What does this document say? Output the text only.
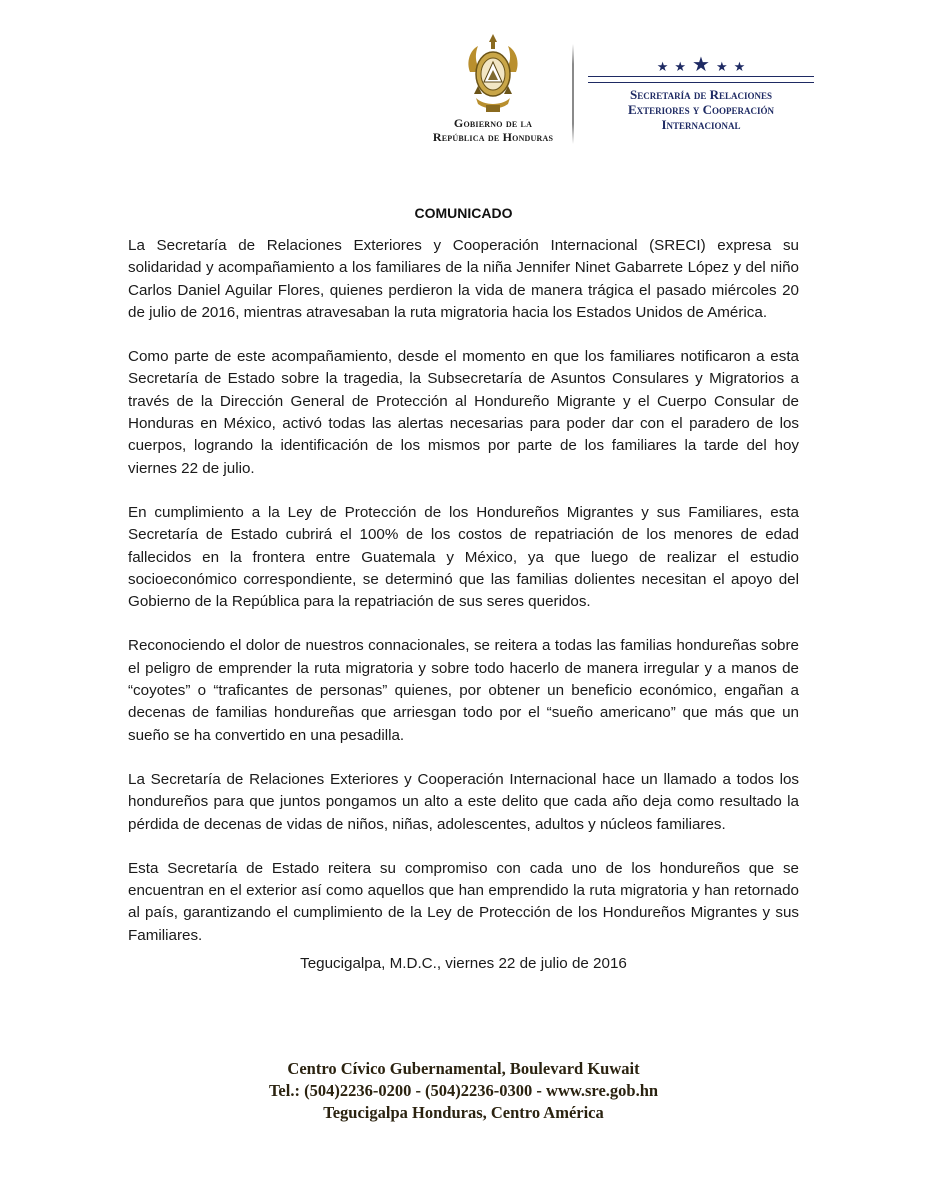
Gobierno de la
República de Honduras
★ ★ ★ ★ ★
Secretaría de Relaciones
Exteriores y Cooperación
Internacional
COMUNICADO

La Secretaría de Relaciones Exteriores y Cooperación Internacional (SRECI) expresa su solidaridad y acompañamiento a los familiares de la niña Jennifer Ninet Gabarrete López y del niño Carlos Daniel Aguilar Flores, quienes perdieron la vida de manera trágica el pasado miércoles 20 de julio de 2016, mientras atravesaban la ruta migratoria hacia los Estados Unidos de América.

Como parte de este acompañamiento, desde el momento en que los familiares notificaron a esta Secretaría de Estado sobre la tragedia, la Subsecretaría de Asuntos Consulares y Migratorios a través de la Dirección General de Protección al Hondureño Migrante y el Cuerpo Consular de Honduras en México, activó todas las alertas necesarias para poder dar con el paradero de los cuerpos, logrando la identificación de los mismos por parte de los familiares la tarde del hoy viernes 22 de julio.

En cumplimiento a la Ley de Protección de los Hondureños Migrantes y sus Familiares, esta Secretaría de Estado cubrirá el 100% de los costos de repatriación de los menores de edad fallecidos en la frontera entre Guatemala y México, ya que luego de realizar el estudio socioeconómico correspondiente, se determinó que las familias dolientes necesitan el apoyo del Gobierno de la República para la repatriación de sus seres queridos.

Reconociendo el dolor de nuestros connacionales, se reitera a todas las familias hondureñas sobre el peligro de emprender la ruta migratoria y sobre todo hacerlo de manera irregular y a manos de “coyotes” o “traficantes de personas” quienes, por obtener un beneficio económico, engañan a decenas de familias hondureñas que arriesgan todo por el “sueño americano” que más que un sueño se ha convertido en una pesadilla.

La Secretaría de Relaciones Exteriores y Cooperación Internacional hace un llamado a todos los hondureños para que juntos pongamos un alto a este delito que cada año deja como resultado la pérdida de decenas de vidas de niños, niñas, adolescentes, adultos y núcleos familiares.

Esta Secretaría de Estado reitera su compromiso con cada uno de los hondureños que se encuentran en el exterior así como aquellos que han emprendido la ruta migratoria y han retornado al país, garantizando el cumplimiento de la Ley de Protección de los Hondureños Migrantes y sus Familiares.

Tegucigalpa, M.D.C., viernes 22 de julio de 2016
Centro Cívico Gubernamental, Boulevard Kuwait
Tel.: (504)2236-0200 - (504)2236-0300 - www.sre.gob.hn
Tegucigalpa Honduras, Centro América
